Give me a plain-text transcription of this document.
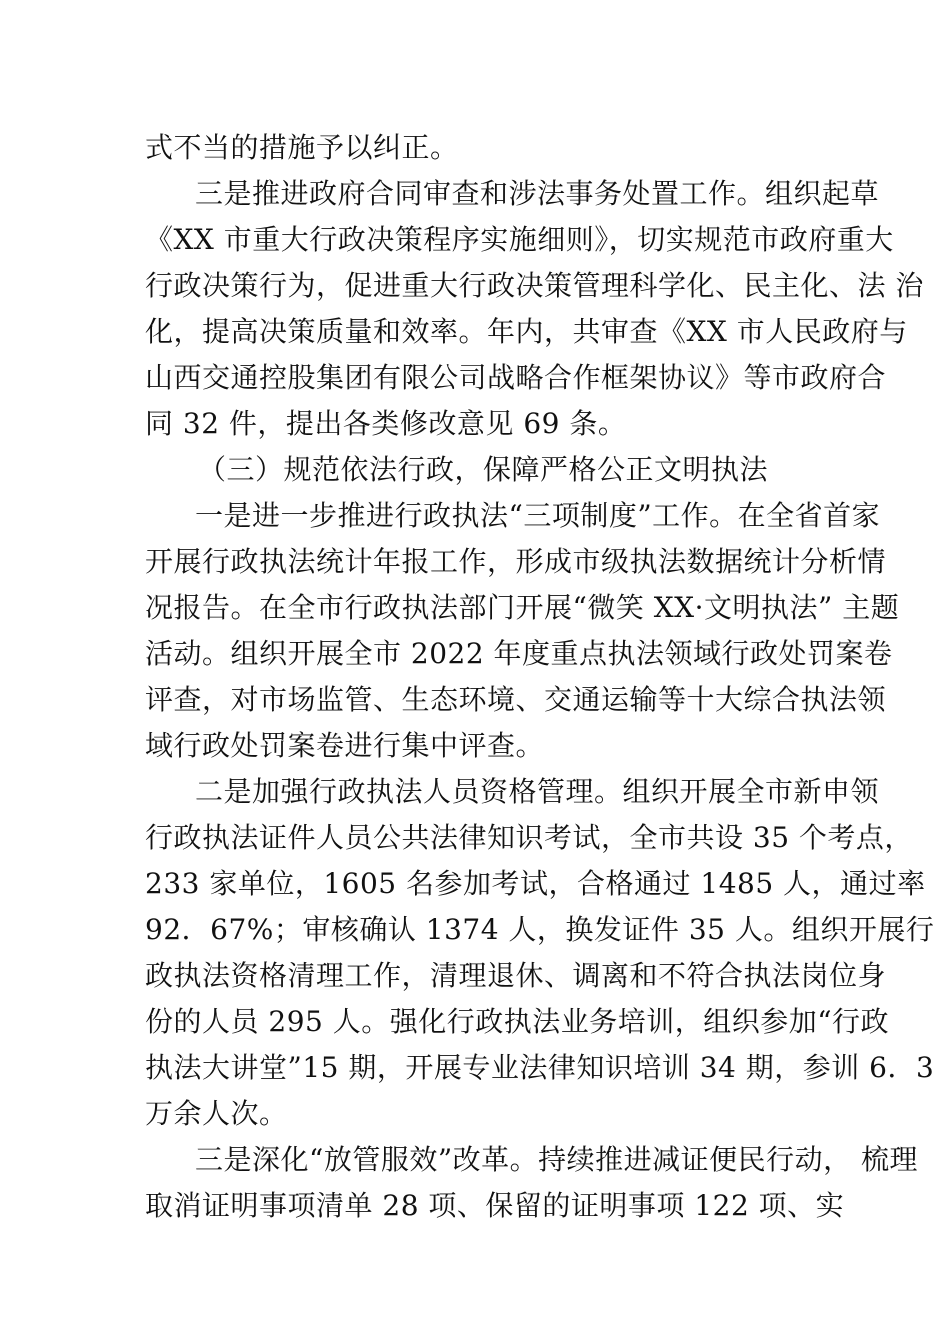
式不当的措施予以纠正。

三是推进政府合同审查和涉法事务处置工作。组织起草

《XX 市重大行政决策程序实施细则》，切实规范市政府重大

行政决策行为，促进重大行政决策管理科学化、民主化、法 治

化，提高决策质量和效率。年内，共审查《XX 市人民政府与

山西交通控股集团有限公司战略合作框架协议》等市政府合

同 32 件，提出各类修改意见 69 条。

（三）规范依法行政，保障严格公正文明执法

一是进一步推进行政执法“三项制度”工作。在全省首家

开展行政执法统计年报工作，形成市级执法数据统计分析情

况报告。在全市行政执法部门开展“微笑 XX·文明执法” 主题

活动。组织开展全市 2022 年度重点执法领域行政处罚案卷

评查，对市场监管、生态环境、交通运输等十大综合执法领

域行政处罚案卷进行集中评查。

二是加强行政执法人员资格管理。组织开展全市新申领

行政执法证件人员公共法律知识考试，全市共设 35 个考点，

233 家单位，1605 名参加考试，合格通过 1485 人，通过率

92．67%；审核确认 1374 人，换发证件 35 人。组织开展行

政执法资格清理工作，清理退休、调离和不符合执法岗位身

份的人员 295 人。强化行政执法业务培训，组织参加“行政

执法大讲堂”15 期，开展专业法律知识培训 34 期，参训 6．3

万余人次。

三是深化“放管服效”改革。持续推进减证便民行动， 梳理

取消证明事项清单 28 项、保留的证明事项 122 项、实
